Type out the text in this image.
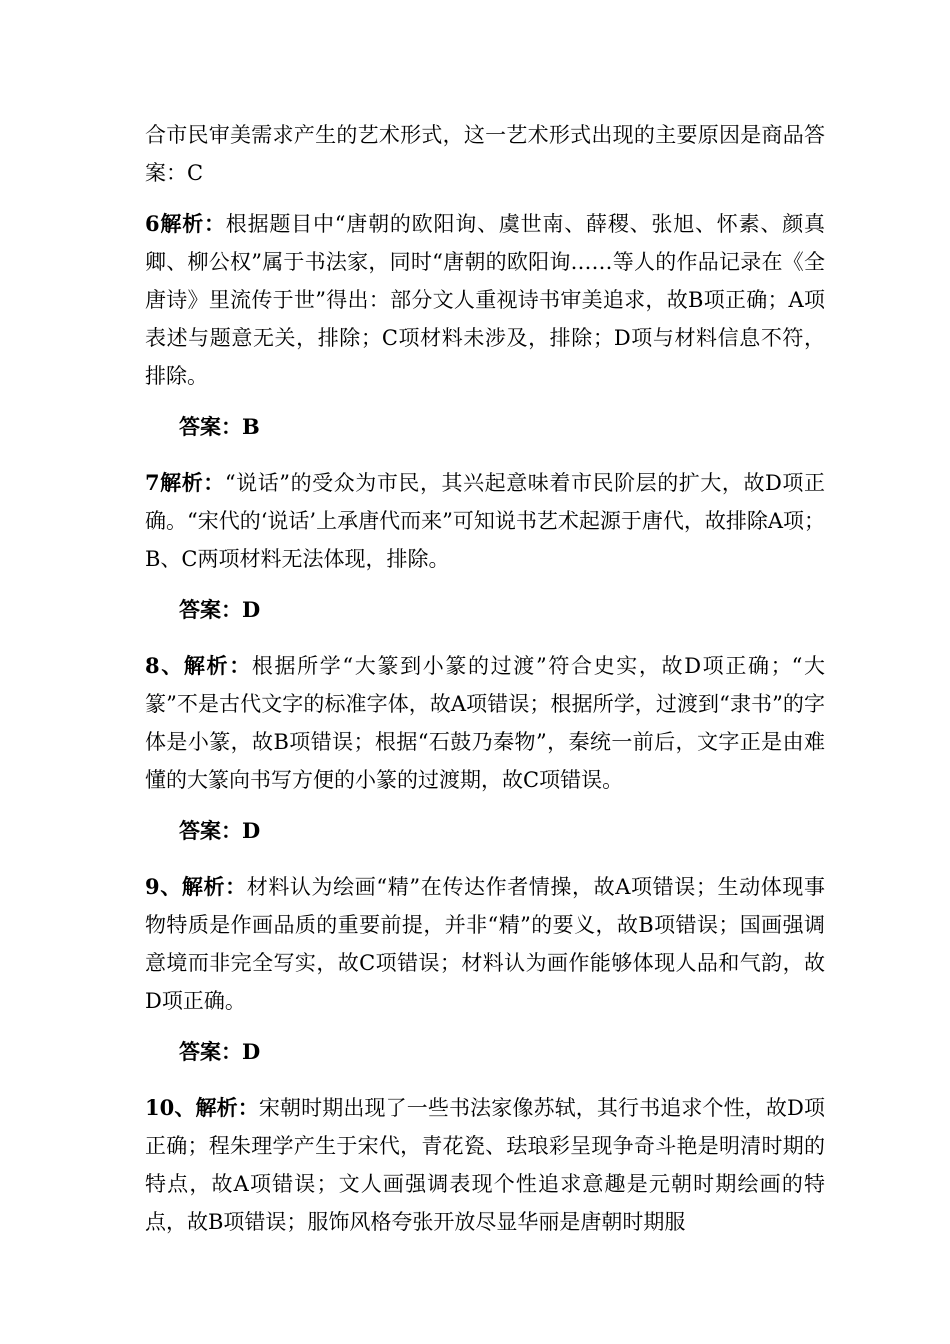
合市民审美需求产生的艺术形式，这一艺术形式出现的主要原因是商品答案：C

6解析：根据题目中“唐朝的欧阳询、虞世南、薛稷、张旭、怀素、颜真卿、柳公权”属于书法家，同时“唐朝的欧阳询……等人的作品记录在《全唐诗》里流传于世”得出：部分文人重视诗书审美追求，故B项正确；A项表述与题意无关，排除；C项材料未涉及，排除；D项与材料信息不符，排除。

答案：B

7解析：“说话”的受众为市民，其兴起意味着市民阶层的扩大，故D项正确。“宋代的‘说话’上承唐代而来”可知说书艺术起源于唐代，故排除A项；B、C两项材料无法体现，排除。

答案：D

8、解析：根据所学“大篆到小篆的过渡”符合史实，故D项正确；“大篆”不是古代文字的标准字体，故A项错误；根据所学，过渡到“隶书”的字体是小篆，故B项错误；根据“石鼓乃秦物”，秦统一前后，文字正是由难懂的大篆向书写方便的小篆的过渡期，故C项错误。

答案：D

9、解析：材料认为绘画“精”在传达作者情操，故A项错误；生动体现事物特质是作画品质的重要前提，并非“精”的要义，故B项错误；国画强调意境而非完全写实，故C项错误；材料认为画作能够体现人品和气韵，故D项正确。

答案：D

10、解析：宋朝时期出现了一些书法家像苏轼，其行书追求个性，故D项正确；程朱理学产生于宋代，青花瓷、珐琅彩呈现争奇斗艳是明清时期的特点，故A项错误；文人画强调表现个性追求意趣是元朝时期绘画的特点，故B项错误；服饰风格夸张开放尽显华丽是唐朝时期服
